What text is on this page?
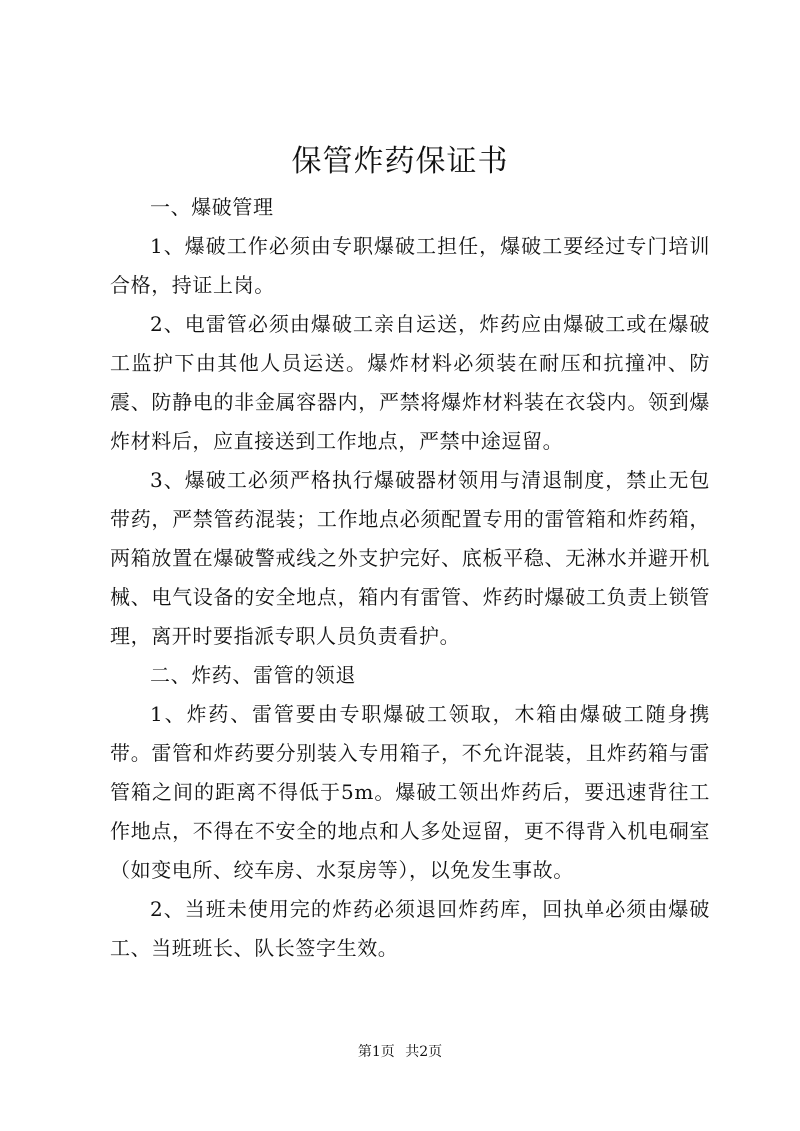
保管炸药保证书

一、爆破管理

1、爆破工作必须由专职爆破工担任，爆破工要经过专门培训合格，持证上岗。

2、电雷管必须由爆破工亲自运送，炸药应由爆破工或在爆破工监护下由其他人员运送。爆炸材料必须装在耐压和抗撞冲、防震、防静电的非金属容器内，严禁将爆炸材料装在衣袋内。领到爆炸材料后，应直接送到工作地点，严禁中途逗留。

3、爆破工必须严格执行爆破器材领用与清退制度，禁止无包带药，严禁管药混装；工作地点必须配置专用的雷管箱和炸药箱，两箱放置在爆破警戒线之外支护完好、底板平稳、无淋水并避开机械、电气设备的安全地点，箱内有雷管、炸药时爆破工负责上锁管理，离开时要指派专职人员负责看护。

二、炸药、雷管的领退

1、炸药、雷管要由专职爆破工领取，木箱由爆破工随身携带。雷管和炸药要分别装入专用箱子，不允许混装，且炸药箱与雷管箱之间的距离不得低于5m。爆破工领出炸药后，要迅速背往工作地点，不得在不安全的地点和人多处逗留，更不得背入机电硐室（如变电所、绞车房、水泵房等），以免发生事故。

2、当班未使用完的炸药必须退回炸药库，回执单必须由爆破工、当班班长、队长签字生效。

第1页 共2页
